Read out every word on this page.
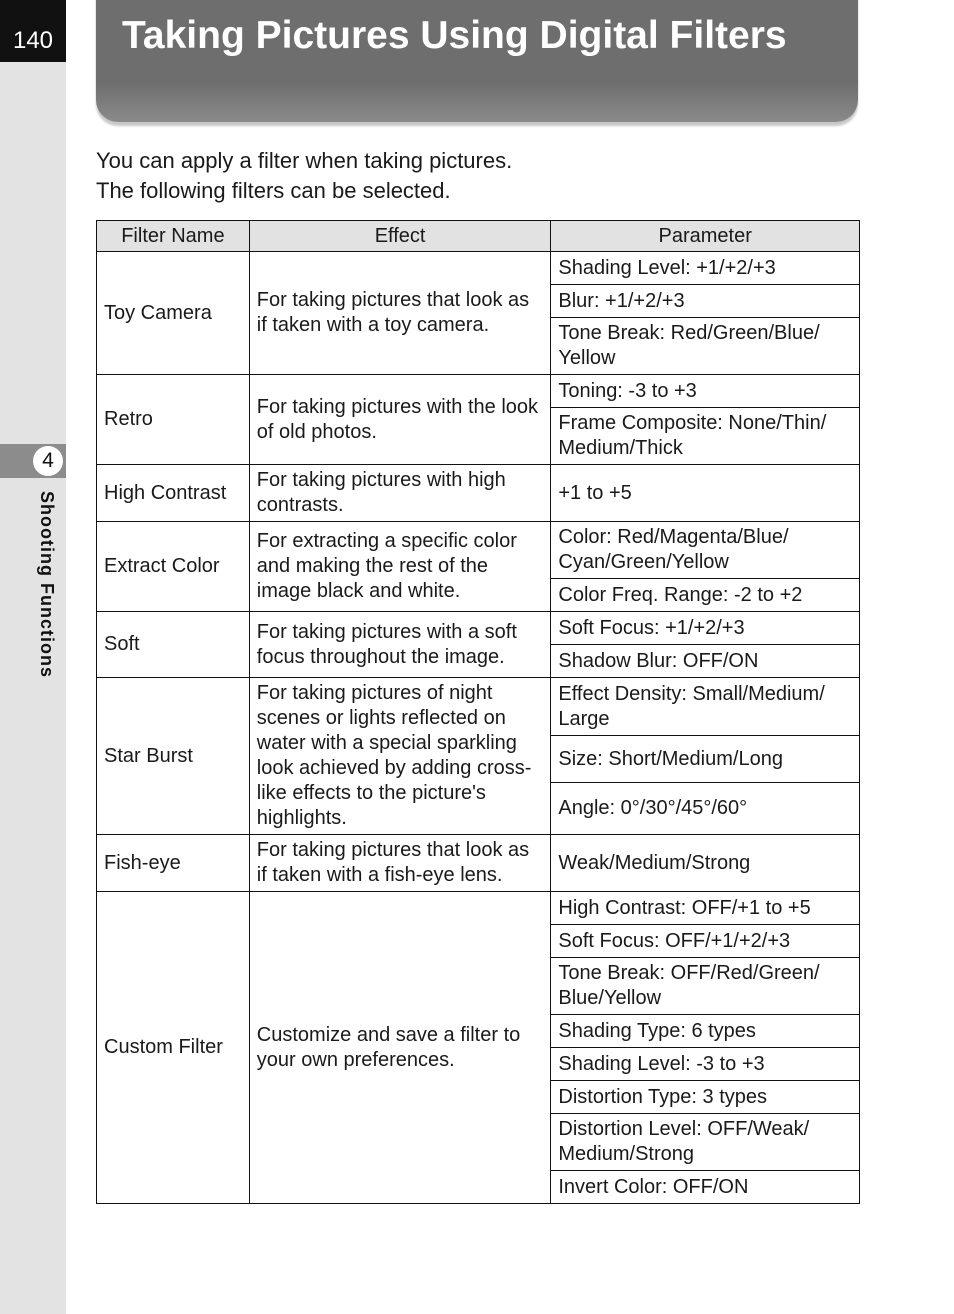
140
4
Shooting Functions
Taking Pictures Using Digital Filters

You can apply a filter when taking pictures.
The following filters can be selected.

Filter Name	Effect	Parameter
Toy Camera	For taking pictures that look as if taken with a toy camera.	Shading Level: +1/+2/+3
		Blur: +1/+2/+3
		Tone Break: Red/Green/Blue/ Yellow
Retro	For taking pictures with the look of old photos.	Toning: -3 to +3
		Frame Composite: None/Thin/ Medium/Thick
High Contrast	For taking pictures with high contrasts.	+1 to +5
Extract Color	For extracting a specific color and making the rest of the image black and white.	Color: Red/Magenta/Blue/ Cyan/Green/Yellow
		Color Freq. Range: -2 to +2
Soft	For taking pictures with a soft focus throughout the image.	Soft Focus: +1/+2/+3
		Shadow Blur: OFF/ON
Star Burst	For taking pictures of night scenes or lights reflected on water with a special sparkling look achieved by adding cross-like effects to the picture's highlights.	Effect Density: Small/Medium/ Large
		Size: Short/Medium/Long
		Angle: 0°/30°/45°/60°
Fish-eye	For taking pictures that look as if taken with a fish-eye lens.	Weak/Medium/Strong
Custom Filter	Customize and save a filter to your own preferences.	High Contrast: OFF/+1 to +5
		Soft Focus: OFF/+1/+2/+3
		Tone Break: OFF/Red/Green/ Blue/Yellow
		Shading Type: 6 types
		Shading Level: -3 to +3
		Distortion Type: 3 types
		Distortion Level: OFF/Weak/ Medium/Strong
		Invert Color: OFF/ON
